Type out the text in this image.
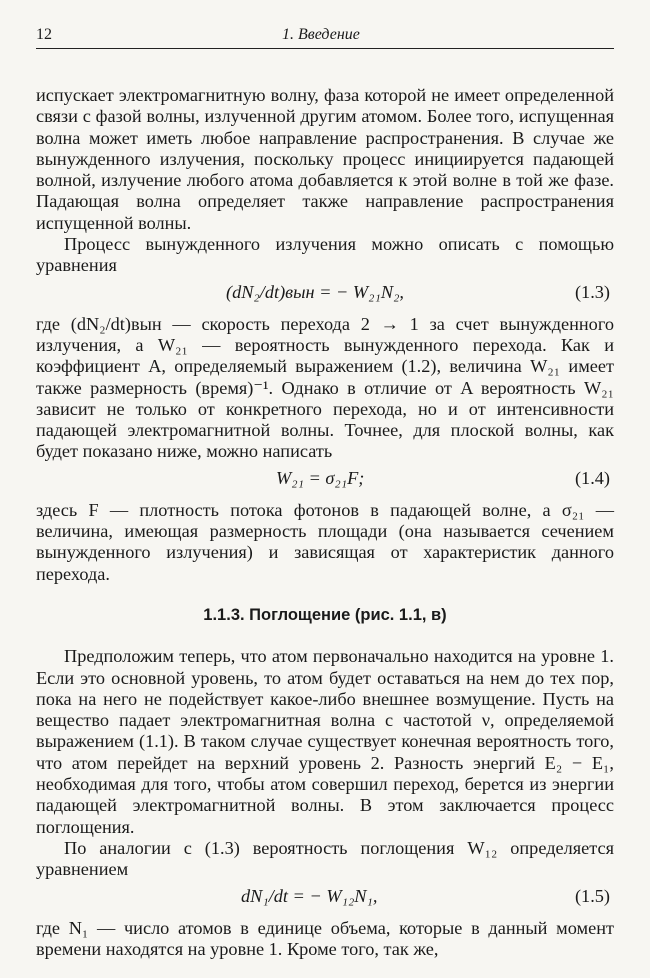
12	1. Введение

испускает электромагнитную волну, фаза которой не имеет определенной связи с фазой волны, излученной другим атомом. Более того, испущенная волна может иметь любое направление распространения. В случае же вынужденного излучения, поскольку процесс инициируется падающей волной, излучение любого атома добавляется к этой волне в той же фазе. Падающая волна определяет также направление распространения испущенной волны.

Процесс вынужденного излучения можно описать с помощью уравнения

(dN₂/dt)вын = − W₂₁N₂,	(1.3)

где (dN₂/dt)вын — скорость перехода 2 → 1 за счет вынужденного излучения, а W₂₁ — вероятность вынужденного перехода. Как и коэффициент A, определяемый выражением (1.2), величина W₂₁ имеет также размерность (время)⁻¹. Однако в отличие от A вероятность W₂₁ зависит не только от конкретного перехода, но и от интенсивности падающей электромагнитной волны. Точнее, для плоской волны, как будет показано ниже, можно написать

W₂₁ = σ₂₁F;	(1.4)

здесь F — плотность потока фотонов в падающей волне, а σ₂₁ — величина, имеющая размерность площади (она называется сечением вынужденного излучения) и зависящая от характеристик данного перехода.

1.1.3. Поглощение (рис. 1.1, в)

Предположим теперь, что атом первоначально находится на уровне 1. Если это основной уровень, то атом будет оставаться на нем до тех пор, пока на него не подействует какое-либо внешнее возмущение. Пусть на вещество падает электромагнитная волна с частотой ν, определяемой выражением (1.1). В таком случае существует конечная вероятность того, что атом перейдет на верхний уровень 2. Разность энергий E₂ − E₁, необходимая для того, чтобы атом совершил переход, берется из энергии падающей электромагнитной волны. В этом заключается процесс поглощения.

По аналогии с (1.3) вероятность поглощения W₁₂ определяется уравнением

dN₁/dt = − W₁₂N₁,	(1.5)

где N₁ — число атомов в единице объема, которые в данный момент времени находятся на уровне 1. Кроме того, так же,
